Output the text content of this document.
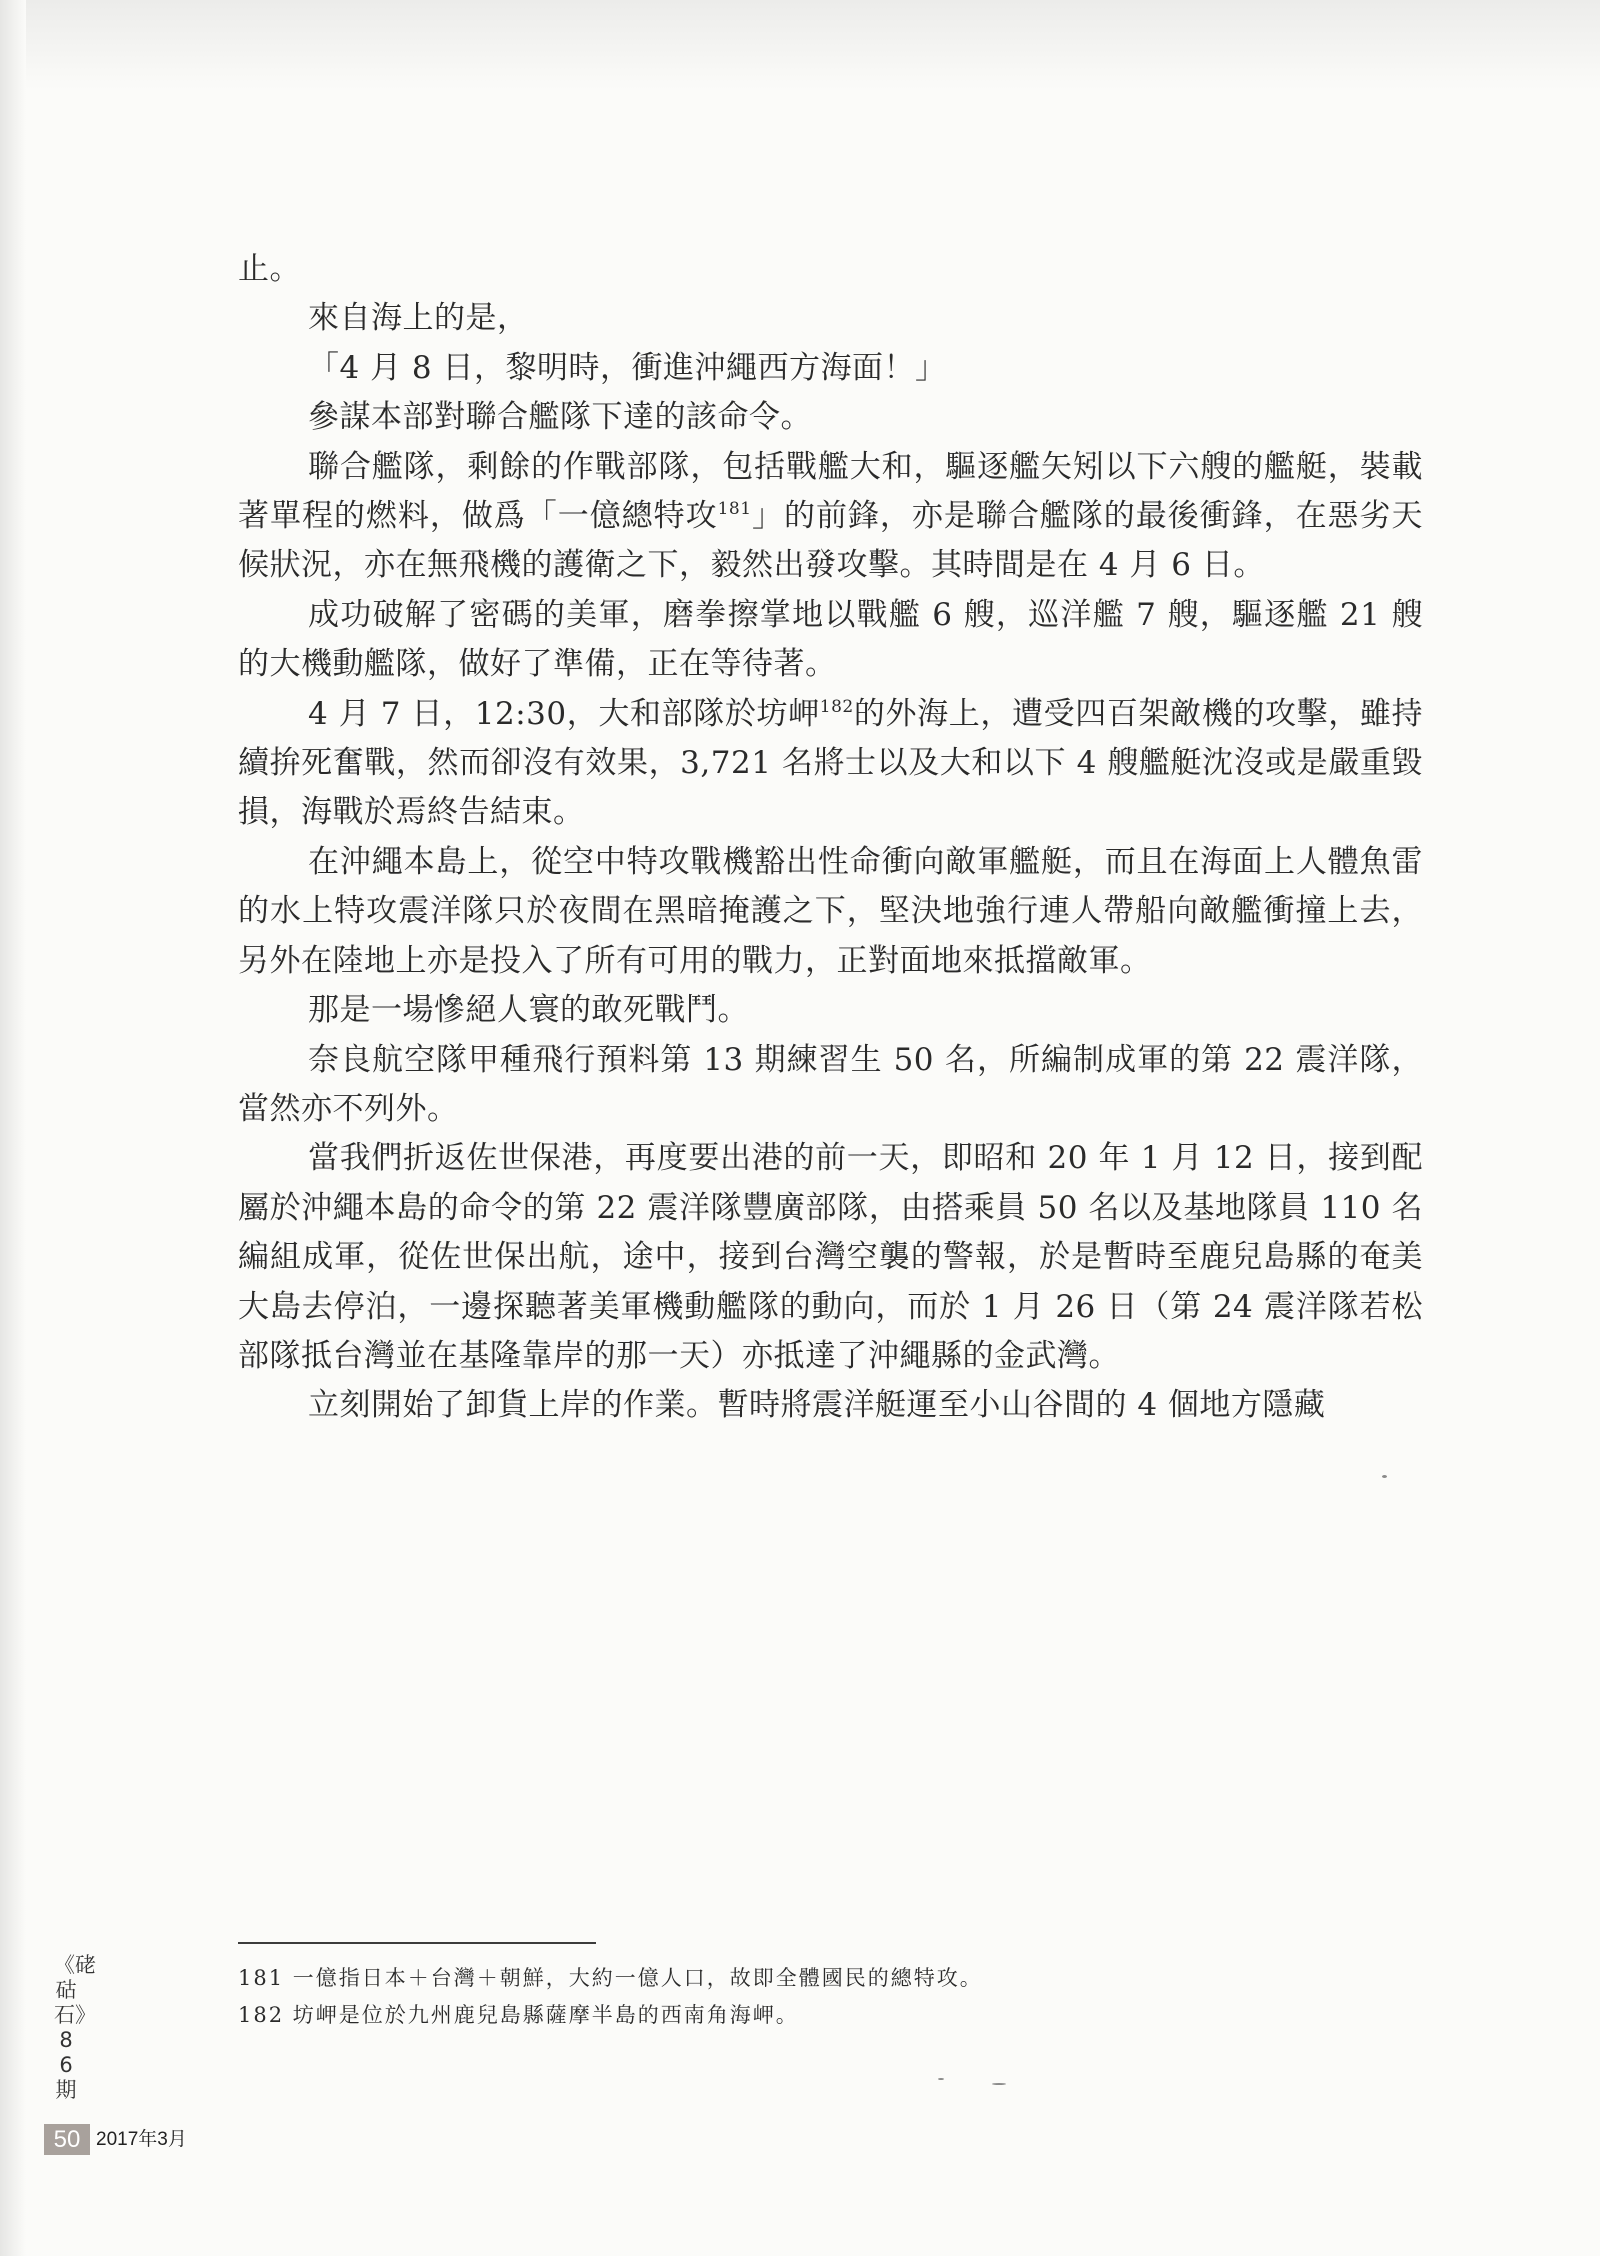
止。

來自海上的是，

「4 月 8 日，黎明時，衝進沖繩西方海面！」

參謀本部對聯合艦隊下達的該命令。

聯合艦隊，剩餘的作戰部隊，包括戰艦大和，驅逐艦矢矧以下六艘的艦艇，裝載著單程的燃料，做爲「一億總特攻$^{181}$」的前鋒，亦是聯合艦隊的最後衝鋒，在惡劣天候狀況，亦在無飛機的護衛之下，毅然出發攻擊。其時間是在 4 月 6 日。

成功破解了密碼的美軍，磨拳擦掌地以戰艦 6 艘，巡洋艦 7 艘，驅逐艦 21 艘的大機動艦隊，做好了準備，正在等待著。

4 月 7 日，12:30，大和部隊於坊岬$^{182}$的外海上，遭受四百架敵機的攻擊，雖持續拚死奮戰，然而卻沒有效果，3,721 名將士以及大和以下 4 艘艦艇沈沒或是嚴重毀損，海戰於焉終告結束。

在沖繩本島上，從空中特攻戰機豁出性命衝向敵軍艦艇，而且在海面上人體魚雷的水上特攻震洋隊只於夜間在黑暗掩護之下，堅決地強行連人帶船向敵艦衝撞上去，另外在陸地上亦是投入了所有可用的戰力，正對面地來抵擋敵軍。

那是一場慘絕人寰的敢死戰鬥。

奈良航空隊甲種飛行預料第 13 期練習生 50 名，所編制成軍的第 22 震洋隊，當然亦不列外。

當我們折返佐世保港，再度要出港的前一天，即昭和 20 年 1 月 12 日，接到配屬於沖繩本島的命令的第 22 震洋隊豐廣部隊，由搭乘員 50 名以及基地隊員 110 名編組成軍，從佐世保出航，途中，接到台灣空襲的警報，於是暫時至鹿兒島縣的奄美大島去停泊，一邊探聽著美軍機動艦隊的動向，而於 1 月 26 日（第 24 震洋隊若松部隊抵台灣並在基隆靠岸的那一天）亦抵達了沖繩縣的金武灣。

立刻開始了卸貨上岸的作業。暫時將震洋艇運至小山谷間的 4 個地方隱藏

181 一億指日本＋台灣＋朝鮮，大約一億人口，故即全體國民的總特攻。

182 坊岬是位於九州鹿兒島縣薩摩半島的西南角海岬。

《硓𥑮石》86期
50 2017年3月
